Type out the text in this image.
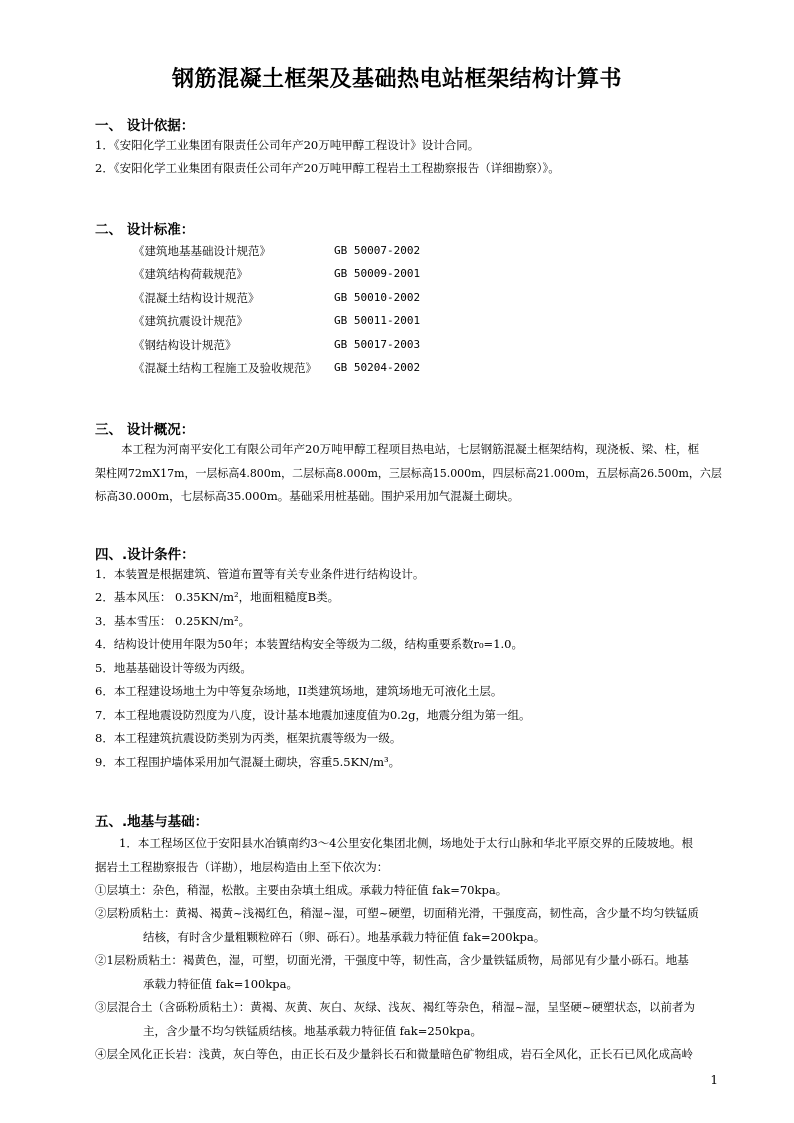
钢筋混凝土框架及基础热电站框架结构计算书
一、 设计依据：
1．《安阳化学工业集团有限责任公司年产20万吨甲醇工程设计》设计合同。
2．《安阳化学工业集团有限责任公司年产20万吨甲醇工程岩土工程勘察报告（详细勘察）》。
二、 设计标准：
《建筑地基基础设计规范》	GB 50007-2002
《建筑结构荷载规范》	GB 50009-2001
《混凝土结构设计规范》	GB 50010-2002
《建筑抗震设计规范》	GB 50011-2001
《钢结构设计规范》	GB 50017-2003
《混凝土结构工程施工及验收规范》 GB 50204-2002
三、 设计概况：
本工程为河南平安化工有限公司年产20万吨甲醇工程项目热电站，七层钢筋混凝土框架结构，现浇板、梁、柱，框
架柱网72mX17m，一层标高4.800m，二层标高8.000m，三层标高15.000m，四层标高21.000m，五层标高26.500m，六层
标高30.000m，七层标高35.000m。基础采用桩基础。围护采用加气混凝土砌块。
四、.设计条件：
1．本装置是根据建筑、管道布置等有关专业条件进行结构设计。
2．基本风压： 0.35KN/m²，地面粗糙度B类。
3．基本雪压： 0.25KN/m²。
4．结构设计使用年限为50年；本装置结构安全等级为二级，结构重要系数r₀=1.0。
5．地基基础设计等级为丙级。
6．本工程建设场地土为中等复杂场地，II类建筑场地，建筑场地无可液化土层。
7．本工程地震设防烈度为八度，设计基本地震加速度值为0.2g，地震分组为第一组。
8．本工程建筑抗震设防类别为丙类，框架抗震等级为一级。
9．本工程围护墙体采用加气混凝土砌块，容重5.5KN/m³。
五、.地基与基础：
1．本工程场区位于安阳县水冶镇南约3～4公里安化集团北侧，场地处于太行山脉和华北平原交界的丘陵坡地。根
据岩土工程勘察报告（详勘），地层构造由上至下依次为：
①层填土：杂色，稍湿，松散。主要由杂填土组成。承载力特征值 fak=70kpa。
②层粉质粘土：黄褐、褐黄~浅褐红色，稍湿~湿，可塑~硬塑，切面稍光滑，干强度高，韧性高，含少量不均匀铁锰质
结核，有时含少量粗颗粒碎石（卵、砾石）。地基承载力特征值 fak=200kpa。
②1层粉质粘土：褐黄色，湿，可塑，切面光滑，干强度中等，韧性高，含少量铁锰质物，局部见有少量小砾石。地基
承载力特征值 fak=100kpa。
③层混合土（含砾粉质粘土）：黄褐、灰黄、灰白、灰绿、浅灰、褐红等杂色，稍湿~湿，呈坚硬~硬塑状态，以前者为
主，含少量不均匀铁锰质结核。地基承载力特征值 fak=250kpa。
④层全风化正长岩：浅黄，灰白等色，由正长石及少量斜长石和微量暗色矿物组成，岩石全风化，正长石已风化成高岭
1
